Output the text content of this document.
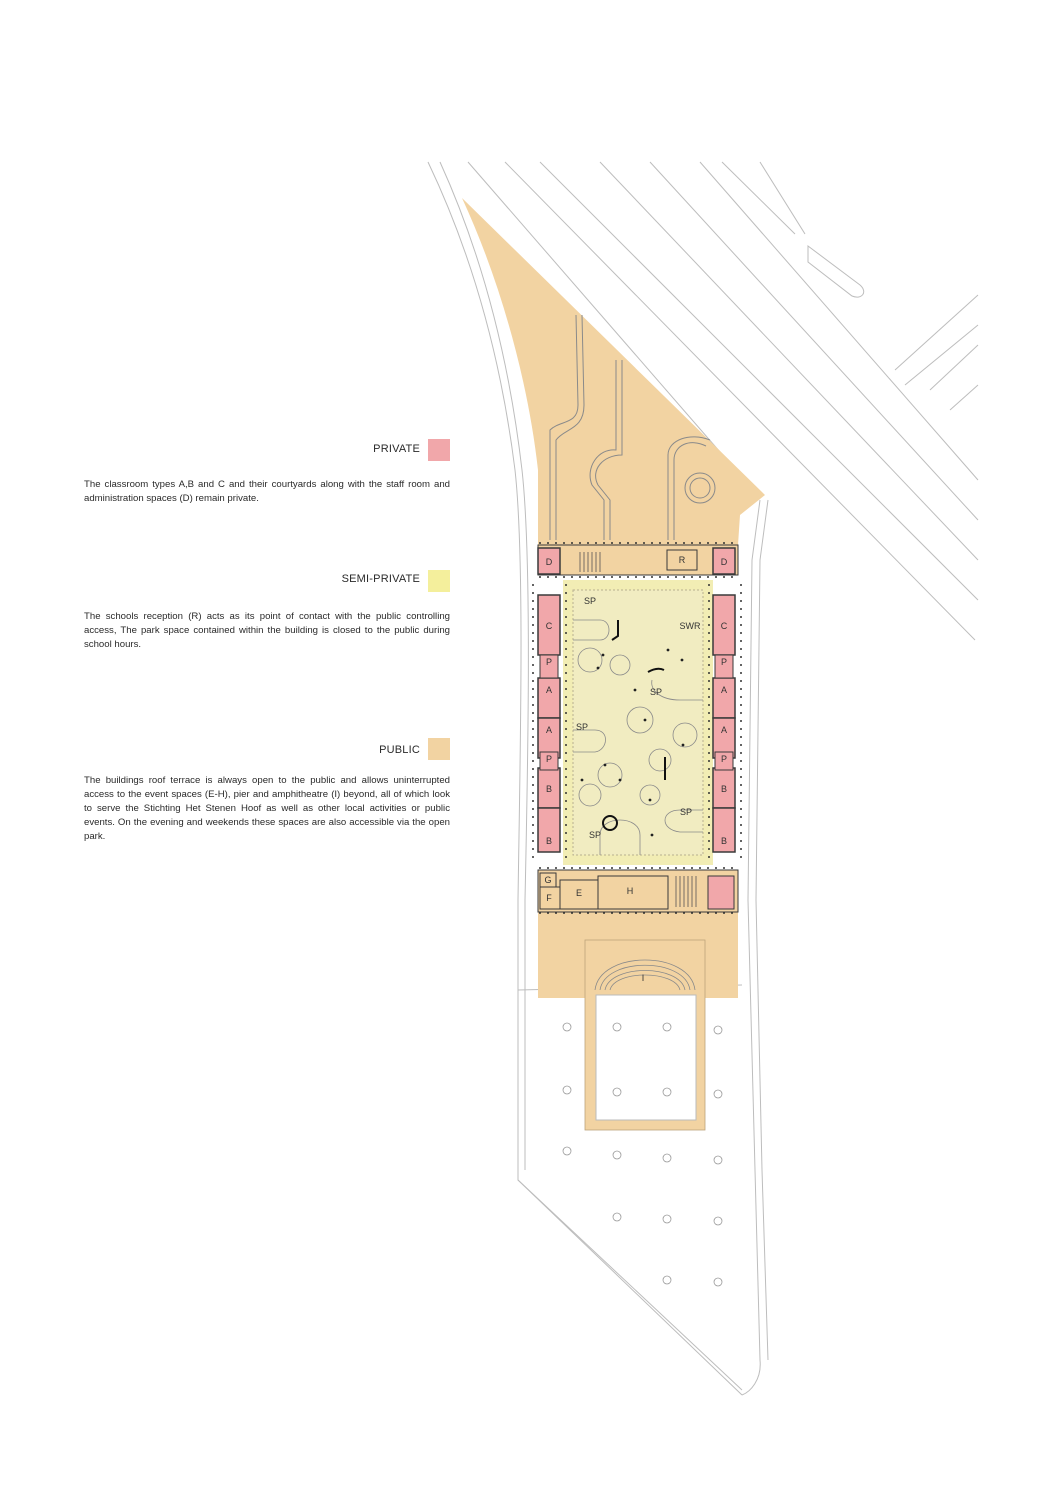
PRIVATE
The classroom types A,B and C and their courtyards along with the staff room and administration spaces (D) remain private.
SEMI-PRIVATE
The schools reception (R) acts as its point of contact with the public controlling access, The park space contained within the building is closed to the public during school hours.
PUBLIC
The buildings roof terrace is always open to the public and allows uninterrupted access to the event spaces (E-H), pier and amphitheatre (I) beyond, all of which look to serve the Stichting Het Stenen Hoof as well as other local activities or public events. On the evening and weekends these spaces are also accessible via the open park.
D	R	D
C	C
P	P
A	A
A	A
P	P
B	B
B	B
SP
SWR
SP
SP
SP
SP
G
F	E	H
I
